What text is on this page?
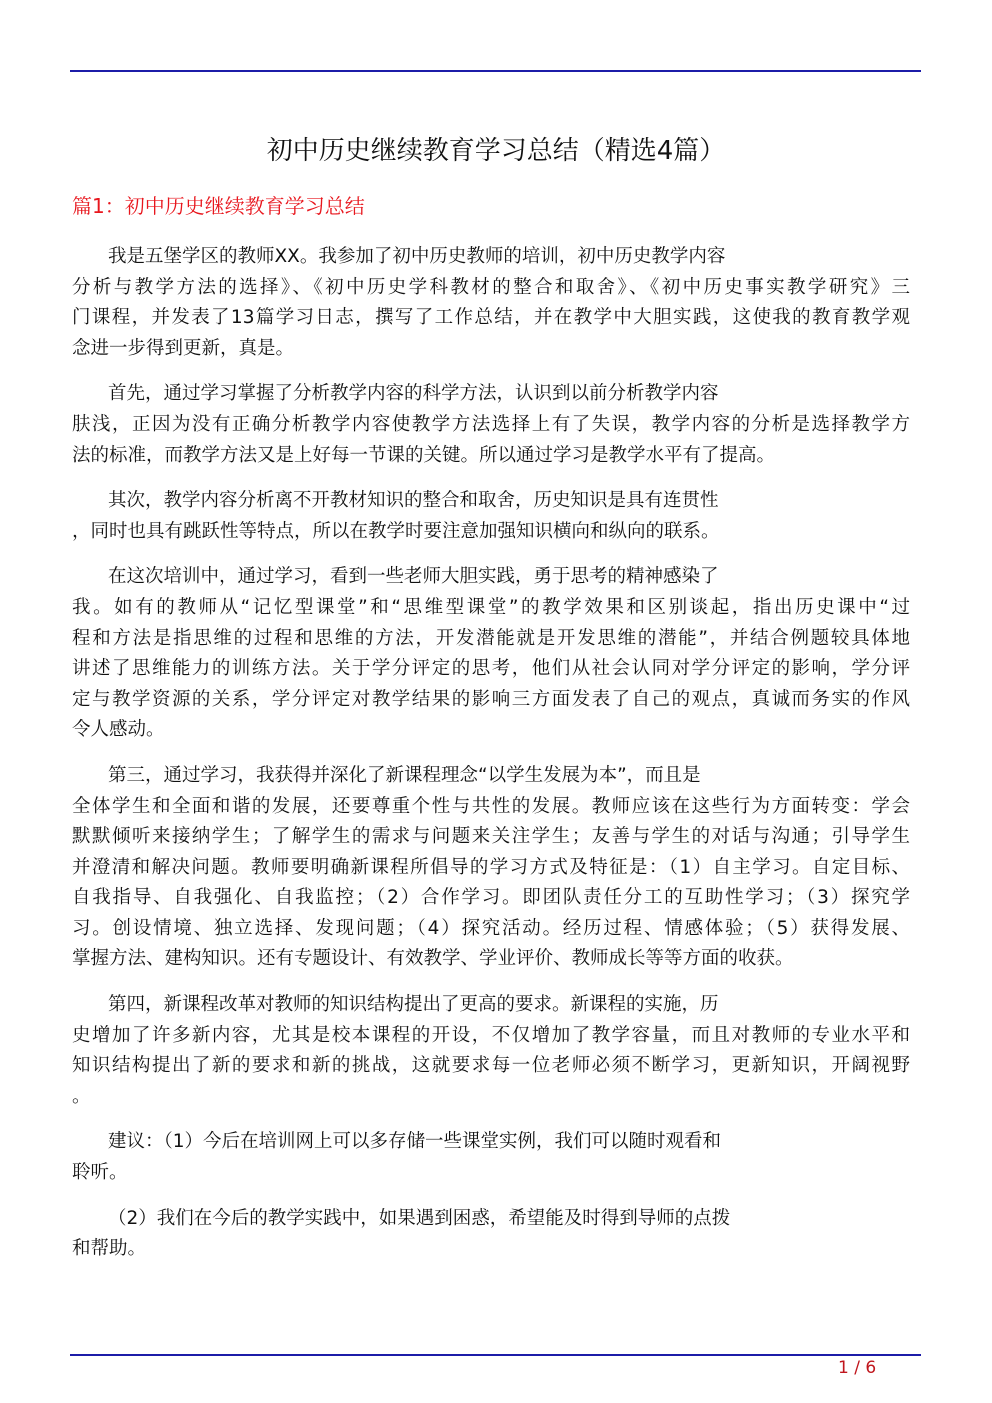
初中历史继续教育学习总结（精选4篇）
篇1：初中历史继续教育学习总结
我是五堡学区的教师XX。我参加了初中历史教师的培训，初中历史教学内容
分析与教学方法的选择》、《初中历史学科教材的整合和取舍》、《初中历史事实教学研究》三
门课程，并发表了13篇学习日志，撰写了工作总结，并在教学中大胆实践，这使我的教育教学观
念进一步得到更新，真是。
首先，通过学习掌握了分析教学内容的科学方法，认识到以前分析教学内容
肤浅，正因为没有正确分析教学内容使教学方法选择上有了失误，教学内容的分析是选择教学方
法的标准，而教学方法又是上好每一节课的关键。所以通过学习是教学水平有了提高。
其次，教学内容分析离不开教材知识的整合和取舍，历史知识是具有连贯性
，同时也具有跳跃性等特点，所以在教学时要注意加强知识横向和纵向的联系。
在这次培训中，通过学习，看到一些老师大胆实践，勇于思考的精神感染了
我。如有的教师从“记忆型课堂”和“思维型课堂”的教学效果和区别谈起，指出历史课中“过
程和方法是指思维的过程和思维的方法，开发潜能就是开发思维的潜能”，并结合例题较具体地
讲述了思维能力的训练方法。关于学分评定的思考，他们从社会认同对学分评定的影响，学分评
定与教学资源的关系，学分评定对教学结果的影响三方面发表了自己的观点，真诚而务实的作风
令人感动。
第三，通过学习，我获得并深化了新课程理念“以学生发展为本”，而且是
全体学生和全面和谐的发展，还要尊重个性与共性的发展。教师应该在这些行为方面转变：学会
默默倾听来接纳学生；了解学生的需求与问题来关注学生；友善与学生的对话与沟通；引导学生
并澄清和解决问题。教师要明确新课程所倡导的学习方式及特征是：（1）自主学习。自定目标、
自我指导、自我强化、自我监控；（2）合作学习。即团队责任分工的互助性学习；（3）探究学
习。创设情境、独立选择、发现问题；（4）探究活动。经历过程、情感体验；（5）获得发展、
掌握方法、建构知识。还有专题设计、有效教学、学业评价、教师成长等等方面的收获。
第四，新课程改革对教师的知识结构提出了更高的要求。新课程的实施，历
史增加了许多新内容，尤其是校本课程的开设，不仅增加了教学容量，而且对教师的专业水平和
知识结构提出了新的要求和新的挑战，这就要求每一位老师必须不断学习，更新知识，开阔视野
。
建议：（1）今后在培训网上可以多存储一些课堂实例，我们可以随时观看和
聆听。
（2）我们在今后的教学实践中，如果遇到困惑，希望能及时得到导师的点拨
和帮助。
1 / 6
